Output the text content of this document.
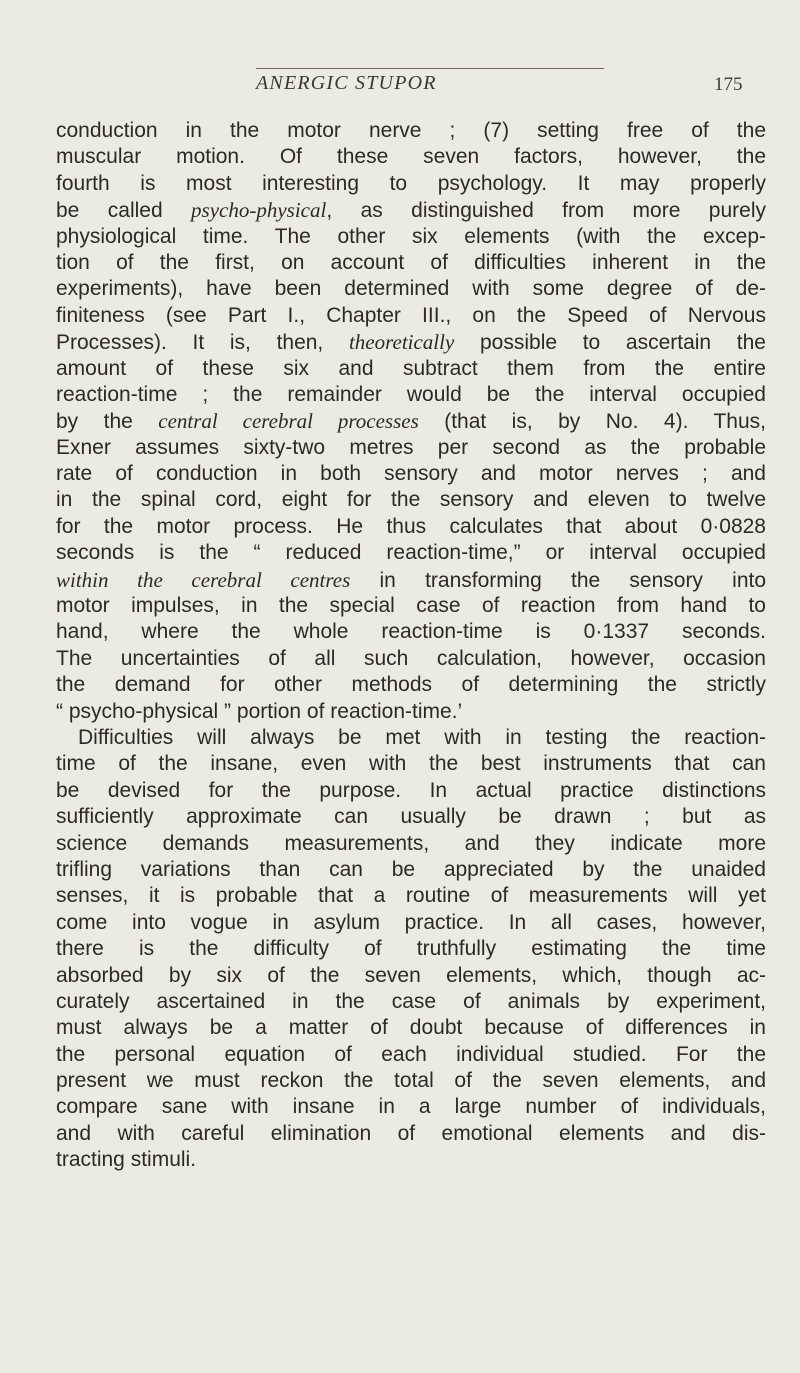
ANERGIC STUPOR	175
conduction in the motor nerve ; (7) setting free of the
muscular motion. Of these seven factors, however, the
fourth is most interesting to psychology. It may properly
be called psycho-physical, as distinguished from more purely
physiological time. The other six elements (with the excep-
tion of the first, on account of difficulties inherent in the
experiments), have been determined with some degree of de-
finiteness (see Part I., Chapter III., on the Speed of Nervous
Processes). It is, then, theoretically possible to ascertain the
amount of these six and subtract them from the entire
reaction-time ; the remainder would be the interval occupied
by the central cerebral processes (that is, by No. 4). Thus,
Exner assumes sixty-two metres per second as the probable
rate of conduction in both sensory and motor nerves ; and
in the spinal cord, eight for the sensory and eleven to twelve
for the motor process. He thus calculates that about 0·0828
seconds is the “ reduced reaction-time,” or interval occupied
within the cerebral centres in transforming the sensory into
motor impulses, in the special case of reaction from hand to
hand, where the whole reaction-time is 0·1337 seconds.
The uncertainties of all such calculation, however, occasion
the demand for other methods of determining the strictly
“ psycho-physical ” portion of reaction-time.’
Difficulties will always be met with in testing the reaction-
time of the insane, even with the best instruments that can
be devised for the purpose. In actual practice distinctions
sufficiently approximate can usually be drawn ; but as
science demands measurements, and they indicate more
trifling variations than can be appreciated by the unaided
senses, it is probable that a routine of measurements will yet
come into vogue in asylum practice. In all cases, however,
there is the difficulty of truthfully estimating the time
absorbed by six of the seven elements, which, though ac-
curately ascertained in the case of animals by experiment,
must always be a matter of doubt because of differences in
the personal equation of each individual studied. For the
present we must reckon the total of the seven elements, and
compare sane with insane in a large number of individuals,
and with careful elimination of emotional elements and dis-
tracting stimuli.
